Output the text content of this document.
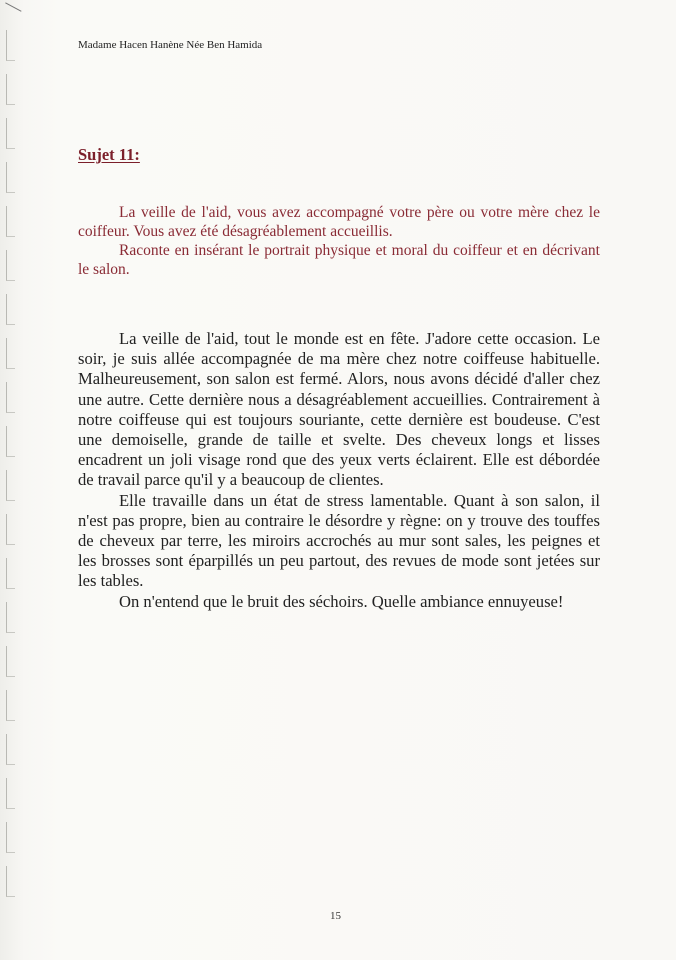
Madame Hacen Hanène Née Ben Hamida
Sujet 11:

La veille de l'aid, vous avez accompagné votre père ou votre mère chez le coiffeur. Vous avez été désagréablement accueillis.

Raconte en insérant le portrait physique et moral du coiffeur et en décrivant le salon.

La veille de l'aid, tout le monde est en fête. J'adore cette occasion. Le soir, je suis allée accompagnée de ma mère chez notre coiffeuse habituelle. Malheureusement, son salon est fermé. Alors, nous avons décidé d'aller chez une autre. Cette dernière nous a désagréablement accueillies. Contrairement à notre coiffeuse qui est toujours souriante, cette dernière est boudeuse. C'est une demoiselle, grande de taille et svelte. Des cheveux longs et lisses encadrent un joli visage rond que des yeux verts éclairent. Elle est débordée de travail parce qu'il y a beaucoup de clientes.

Elle travaille dans un état de stress lamentable. Quant à son salon, il n'est pas propre, bien au contraire le désordre y règne: on y trouve des touffes de cheveux par terre, les miroirs accrochés au mur sont sales, les peignes et les brosses sont éparpillés un peu partout, des revues de mode sont jetées sur les tables.

On n'entend que le bruit des séchoirs. Quelle ambiance ennuyeuse!

15
